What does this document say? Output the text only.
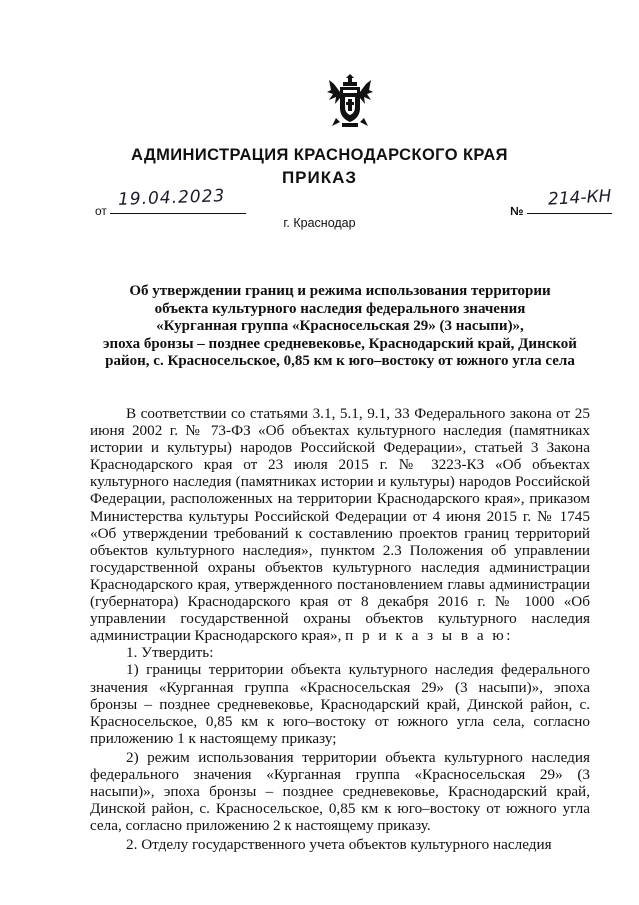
АДМИНИСТРАЦИЯ КРАСНОДАРСКОГО КРАЯ
ПРИКАЗ
от
19.04.2023
г. Краснодар
№
214-КН
Об утверждении границ и режима использования территории
объекта культурного наследия федерального значения
«Курганная группа «Красносельская 29» (3 насыпи)»,
эпоха бронзы – позднее средневековье, Краснодарский край, Динской
район, с. Красносельское, 0,85 км к юго–востоку от южного угла села

В соответствии со статьями 3.1, 5.1, 9.1, 33 Федерального закона от 25 июня 2002 г. № 73-ФЗ «Об объектах культурного наследия (памятниках истории и культуры) народов Российской Федерации», статьей 3 Закона Краснодарского края от 23 июля 2015 г. № 3223-КЗ «Об объектах культурного наследия (памятниках истории и культуры) народов Российской Федерации, расположенных на территории Краснодарского края», приказом Министерства культуры Российской Федерации от 4 июня 2015 г. № 1745 «Об утверждении требований к составлению проектов границ территорий объектов культурного наследия», пунктом 2.3 Положения об управлении государственной охраны объектов культурного наследия администрации Краснодарского края, утвержденного постановлением главы администрации (губернатора) Краснодарского края от 8 декабря 2016 г. № 1000 «Об управлении государственной охраны объектов культурного наследия администрации Краснодарского края», п р и к а з ы в а ю:

1. Утвердить:

1) границы территории объекта культурного наследия федерального значения «Курганная группа «Красносельская 29» (3 насыпи)», эпоха бронзы – позднее средневековье, Краснодарский край, Динской район, с. Красносельское, 0,85 км к юго–востоку от южного угла села, согласно приложению 1 к настоящему приказу;

2) режим использования территории объекта культурного наследия федерального значения «Курганная группа «Красносельская 29» (3 насыпи)», эпоха бронзы – позднее средневековье, Краснодарский край, Динской район, с. Красносельское, 0,85 км к юго–востоку от южного угла села, согласно приложению 2 к настоящему приказу.

2. Отделу государственного учета объектов культурного наследия
